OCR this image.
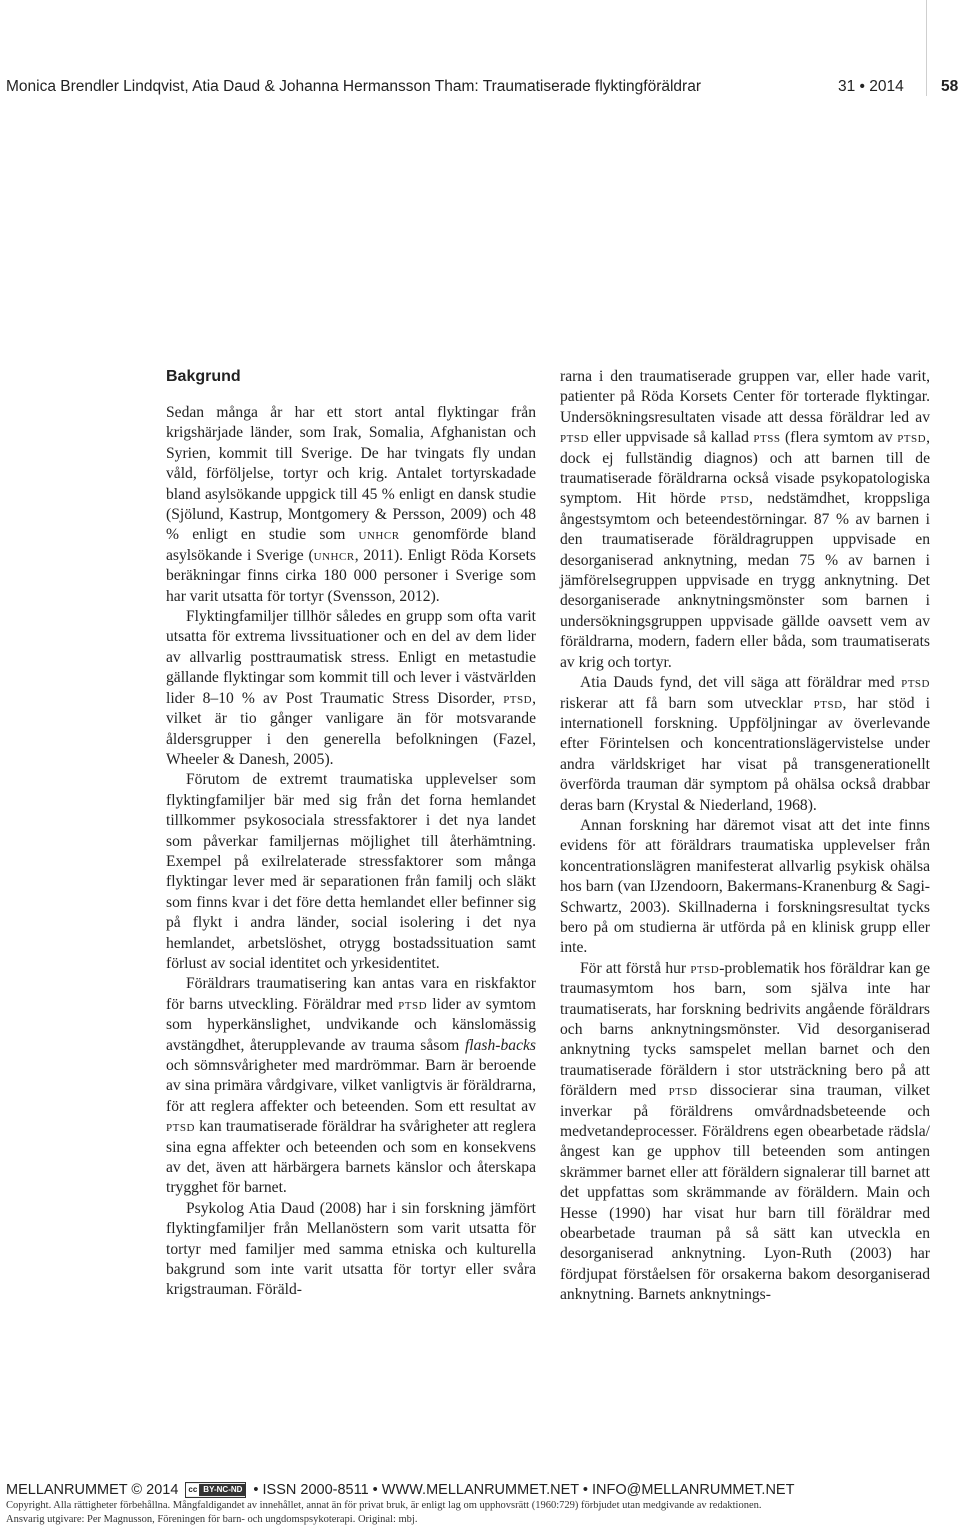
Monica Brendler Lindqvist, Atia Daud & Johanna Hermansson Tham: Traumatiserade flyktingföräldrar	31 • 2014 58
Bakgrund

Sedan många år har ett stort antal flyktingar från krigshärjade länder, som Irak, Somalia, Afghanistan och Syrien, kommit till Sverige. De har tvingats fly undan våld, förföljelse, tortyr och krig. Antalet tortyrskadade bland asylsökande uppgick till 45 % enligt en dansk studie (Sjölund, Kastrup, Montgomery & Persson, 2009) och 48 % enligt en studie som unhcr genomförde bland asylsökande i Sverige (unhcr, 2011). Enligt Röda Korsets beräkningar finns cirka 180 000 personer i Sverige som har varit utsatta för tortyr (Svensson, 2012).

Flyktingfamiljer tillhör således en grupp som ofta varit utsatta för extrema livssituationer och en del av dem lider av allvarlig posttraumatisk stress. Enligt en metastudie gällande flyktingar som kommit till och lever i västvärlden lider 8–10 % av Post Traumatic Stress Disorder, ptsd, vilket är tio gånger vanligare än för motsvarande åldersgrupper i den generella befolkningen (Fazel, Wheeler & Danesh, 2005).

Förutom de extremt traumatiska upplevelser som flyktingfamiljer bär med sig från det forna hemlandet tillkommer psykosociala stressfaktorer i det nya landet som påverkar familjernas möjlighet till återhämtning. Exempel på exilrelaterade stressfaktorer som många flyktingar lever med är separationen från familj och släkt som finns kvar i det före detta hemlandet eller befinner sig på flykt i andra länder, social isolering i det nya hemlandet, arbetslöshet, otrygg bostadssituation samt förlust av social identitet och yrkesidentitet.

Föräldrars traumatisering kan antas vara en riskfaktor för barns utveckling. Föräldrar med ptsd lider av symtom som hyperkänslighet, undvikande och känslomässig avstängdhet, återupplevande av trauma såsom flash-backs och sömnsvårigheter med mardrömmar. Barn är beroende av sina primära vårdgivare, vilket vanligtvis är föräldrarna, för att reglera affekter och beteenden. Som ett resultat av ptsd kan traumatiserade föräldrar ha svårigheter att reglera sina egna affekter och beteenden och som en konsekvens av det, även att härbärgera barnets känslor och återskapa trygghet för barnet.

Psykolog Atia Daud (2008) har i sin forskning jämfört flyktingfamiljer från Mellanöstern som varit utsatta för tortyr med familjer med samma etniska och kulturella bakgrund som inte varit utsatta för tortyr eller svåra krigstrauman. Föräld-

rarna i den traumatiserade gruppen var, eller hade varit, patienter på Röda Korsets Center för torterade flyktingar. Undersökningsresultaten visade att dessa föräldrar led av ptsd eller uppvisade så kallad ptss (flera symtom av ptsd, dock ej fullständig diagnos) och att barnen till de traumatiserade föräldrarna också visade psykopatologiska symptom. Hit hörde ptsd, nedstämdhet, kroppsliga ångestsymtom och beteendestörningar. 87 % av barnen i den traumatiserade föräldragruppen uppvisade en desorganiserad anknytning, medan 75 % av barnen i jämförelsegruppen uppvisade en trygg anknytning. Det desorganiserade anknytningsmönster som barnen i undersökningsgruppen uppvisade gällde oavsett vem av föräldrarna, modern, fadern eller båda, som traumatiserats av krig och tortyr.

Atia Dauds fynd, det vill säga att föräldrar med ptsd riskerar att få barn som utvecklar ptsd, har stöd i internationell forskning. Uppföljningar av överlevande efter Förintelsen och koncentrationslägervistelse under andra världskriget har visat på transgenerationellt överförda trauman där symptom på ohälsa också drabbar deras barn (Krystal & Niederland, 1968).

Annan forskning har däremot visat att det inte finns evidens för att föräldrars traumatiska upplevelser från koncentrationslägren manifesterat allvarlig psykisk ohälsa hos barn (van IJzendoorn, Bakermans-Kranenburg & Sagi-Schwartz, 2003). Skillnaderna i forskningsresultat tycks bero på om studierna är utförda på en klinisk grupp eller inte.

För att förstå hur ptsd-problematik hos föräldrar kan ge traumasymtom hos barn, som själva inte har traumatiserats, har forskning bedrivits angående föräldrars och barns anknytningsmönster. Vid desorganiserad anknytning tycks samspelet mellan barnet och den traumatiserade föräldern i stor utsträckning bero på att föräldern med ptsd dissocierar sina trauman, vilket inverkar på föräldrens omvårdnadsbeteende och medvetandeprocesser. Föräldrens egen obearbetade rädsla/ångest kan ge upphov till beteenden som antingen skrämmer barnet eller att föräldern signalerar till barnet att det uppfattas som skrämmande av föräldern. Main och Hesse (1990) har visat hur barn till föräldrar med obearbetade trauman på så sätt kan utveckla en desorganiserad anknytning. Lyon-Ruth (2003) har fördjupat förståelsen för orsakerna bakom desorganiserad anknytning. Barnets anknytnings-

MELLANRUMMET © 2014 cc BY-NC-ND • ISSN 2000-8511 • WWW.MELLANRUMMET.NET • INFO@MELLANRUMMET.NET
Copyright. Alla rättigheter förbehållna. Mångfaldigandet av innehållet, annat än för privat bruk, är enligt lag om upphovsrätt (1960:729) förbjudet utan medgivande av redaktionen.
Ansvarig utgivare: Per Magnusson, Föreningen för barn- och ungdomspsykoterapi. Original: mbj.
